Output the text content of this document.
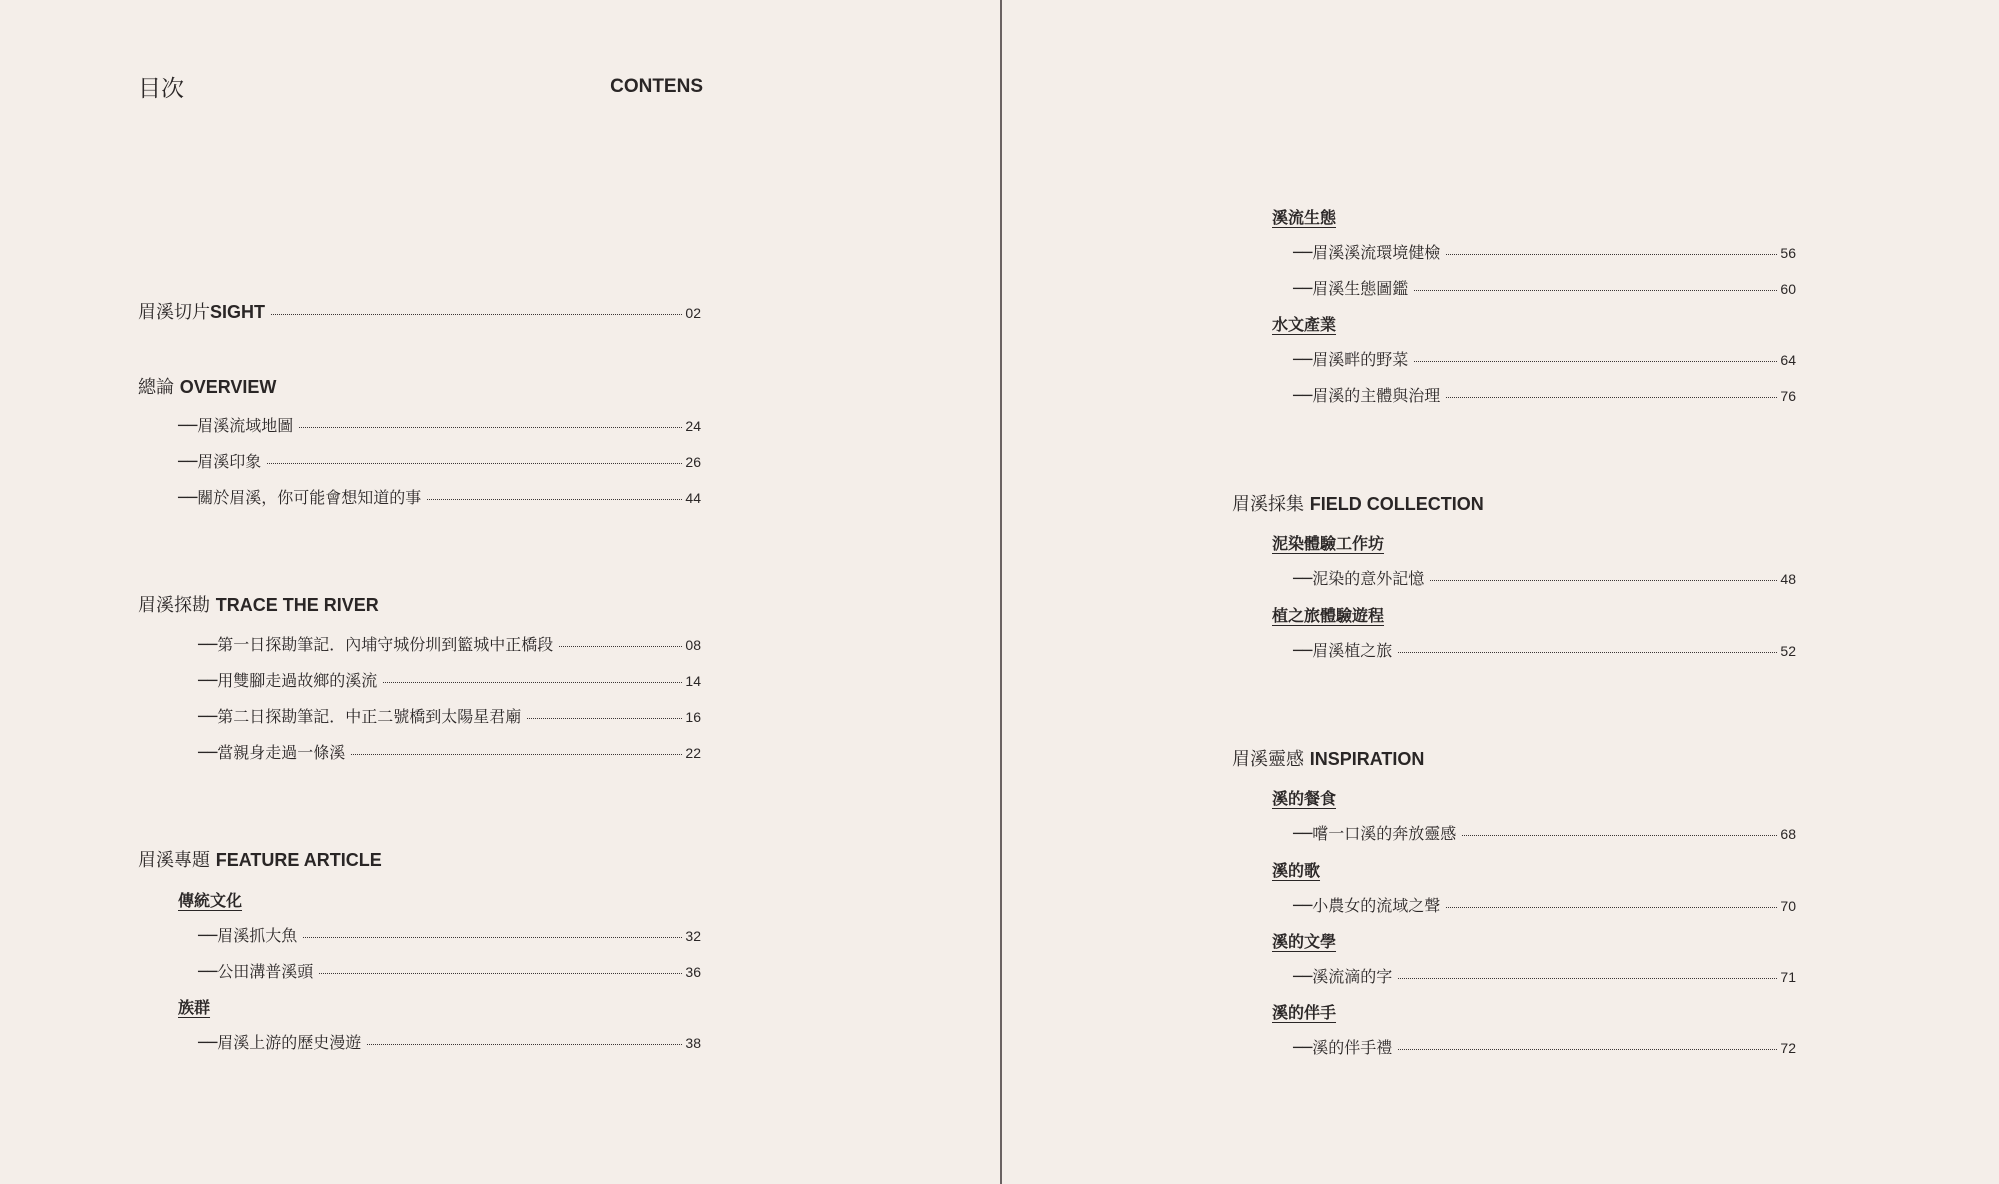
目次	CONTENS
眉溪切片 SIGHT	02
總論 OVERVIEW
──眉溪流域地圖	24
──眉溪印象	26
──關於眉溪，你可能會想知道的事	44
眉溪探勘 TRACE THE RIVER
──第一日探勘筆記．內埔守城份圳到籃城中正橋段	08
──用雙腳走過故鄉的溪流	14
──第二日探勘筆記．中正二號橋到太陽星君廟	16
──當親身走過一條溪	22
眉溪專題 FEATURE ARTICLE
傳統文化
──眉溪抓大魚	32
──公田溝普溪頭	36
族群
──眉溪上游的歷史漫遊	38
溪流生態
──眉溪溪流環境健檢	56
──眉溪生態圖鑑	60
水文產業
──眉溪畔的野菜	64
──眉溪的主體與治理	76
眉溪採集 FIELD COLLECTION
泥染體驗工作坊
──泥染的意外記憶	48
植之旅體驗遊程
──眉溪植之旅	52
眉溪靈感 INSPIRATION
溪的餐食
──嚐一口溪的奔放靈感	68
溪的歌
──小農女的流域之聲	70
溪的文學
──溪流滴的字	71
溪的伴手
──溪的伴手禮	72
